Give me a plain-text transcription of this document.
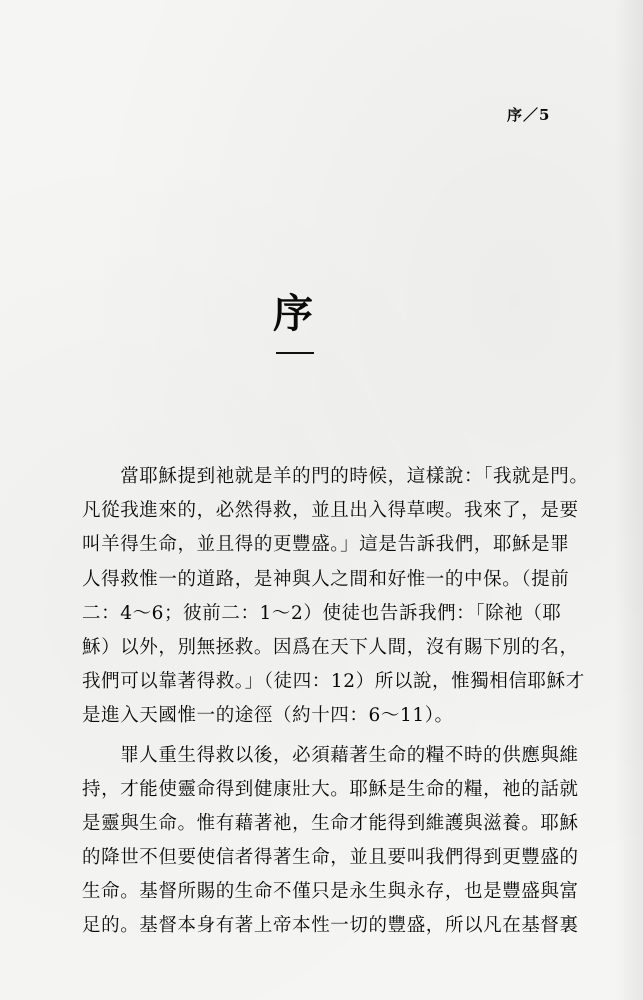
序／5
序
　　當耶穌提到祂就是羊的門的時候，這樣說：「我就是門。
凡從我進來的，必然得救，並且出入得草喫。我來了，是要
叫羊得生命，並且得的更豐盛。」這是告訴我們，耶穌是罪
人得救惟一的道路，是神與人之間和好惟一的中保。（提前
二：4～6；彼前二：1～2）使徒也告訴我們：「除祂（耶
穌）以外，別無拯救。因爲在天下人間，沒有賜下別的名，
我們可以靠著得救。」（徒四：12）所以說，惟獨相信耶穌才
是進入天國惟一的途徑（約十四：6～11）。
　　罪人重生得救以後，必須藉著生命的糧不時的供應與維
持，才能使靈命得到健康壯大。耶穌是生命的糧，祂的話就
是靈與生命。惟有藉著祂，生命才能得到維護與滋養。耶穌
的降世不但要使信者得著生命，並且要叫我們得到更豐盛的
生命。基督所賜的生命不僅只是永生與永存，也是豐盛與富
足的。基督本身有著上帝本性一切的豐盛，所以凡在基督裏
